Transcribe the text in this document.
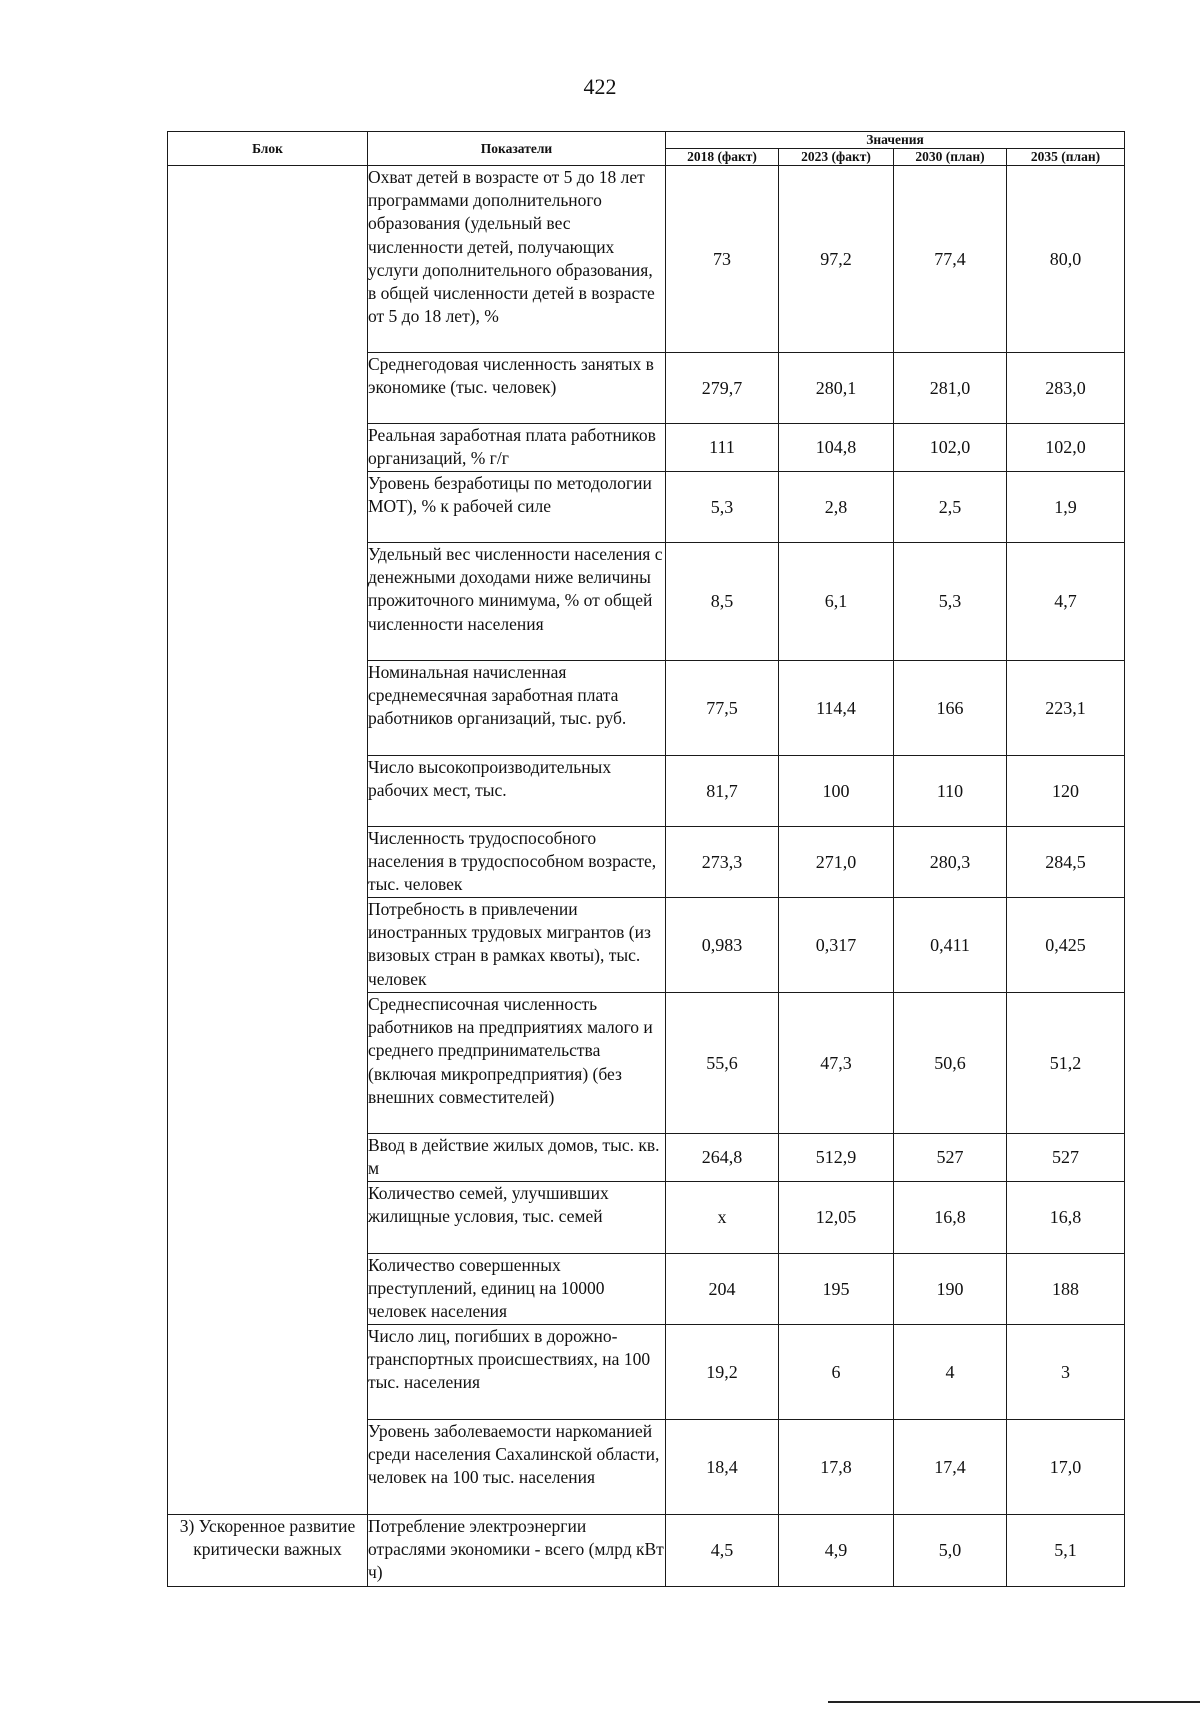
422
Блок	Показатели	Значения			
		2018 (факт)	2023 (факт)	2030 (план)	2035 (план)
	Охват детей в возрасте от 5 до 18 лет программами дополнительного образования (удельный вес численности детей, получающих услуги дополнительного образования, в общей численности детей в возрасте от 5 до 18 лет), %	73	97,2	77,4	80,0
	Среднегодовая численность занятых в экономике (тыс. человек)	279,7	280,1	281,0	283,0
	Реальная заработная плата работников организаций, % г/г	111	104,8	102,0	102,0
	Уровень безработицы по методологии МОТ), % к рабочей силе	5,3	2,8	2,5	1,9
	Удельный вес численности населения с денежными доходами ниже величины прожиточного минимума, % от общей численности населения	8,5	6,1	5,3	4,7
	Номинальная начисленная среднемесячная заработная плата работников организаций, тыс. руб.	77,5	114,4	166	223,1
	Число высокопроизводительных рабочих мест, тыс.	81,7	100	110	120
	Численность трудоспособного населения в трудоспособном возрасте, тыс. человек	273,3	271,0	280,3	284,5
	Потребность в привлечении иностранных трудовых мигрантов (из визовых стран в рамках квоты), тыс. человек	0,983	0,317	0,411	0,425
	Среднесписочная численность работников на предприятиях малого и среднего предпринимательства (включая микропредприятия) (без внешних совместителей)	55,6	47,3	50,6	51,2
	Ввод в действие жилых домов, тыс. кв. м	264,8	512,9	527	527
	Количество семей, улучшивших жилищные условия, тыс. семей	х	12,05	16,8	16,8
	Количество совершенных преступлений, единиц на 10000 человек населения	204	195	190	188
	Число лиц, погибших в дорожно-транспортных происшествиях, на 100 тыс. населения	19,2	6	4	3
	Уровень заболеваемости наркоманией среди населения Сахалинской области, человек на 100 тыс. населения	18,4	17,8	17,4	17,0
3) Ускоренное развитие критически важных	Потребление электроэнергии отраслями экономики - всего (млрд кВт ч)	4,5	4,9	5,0	5,1
